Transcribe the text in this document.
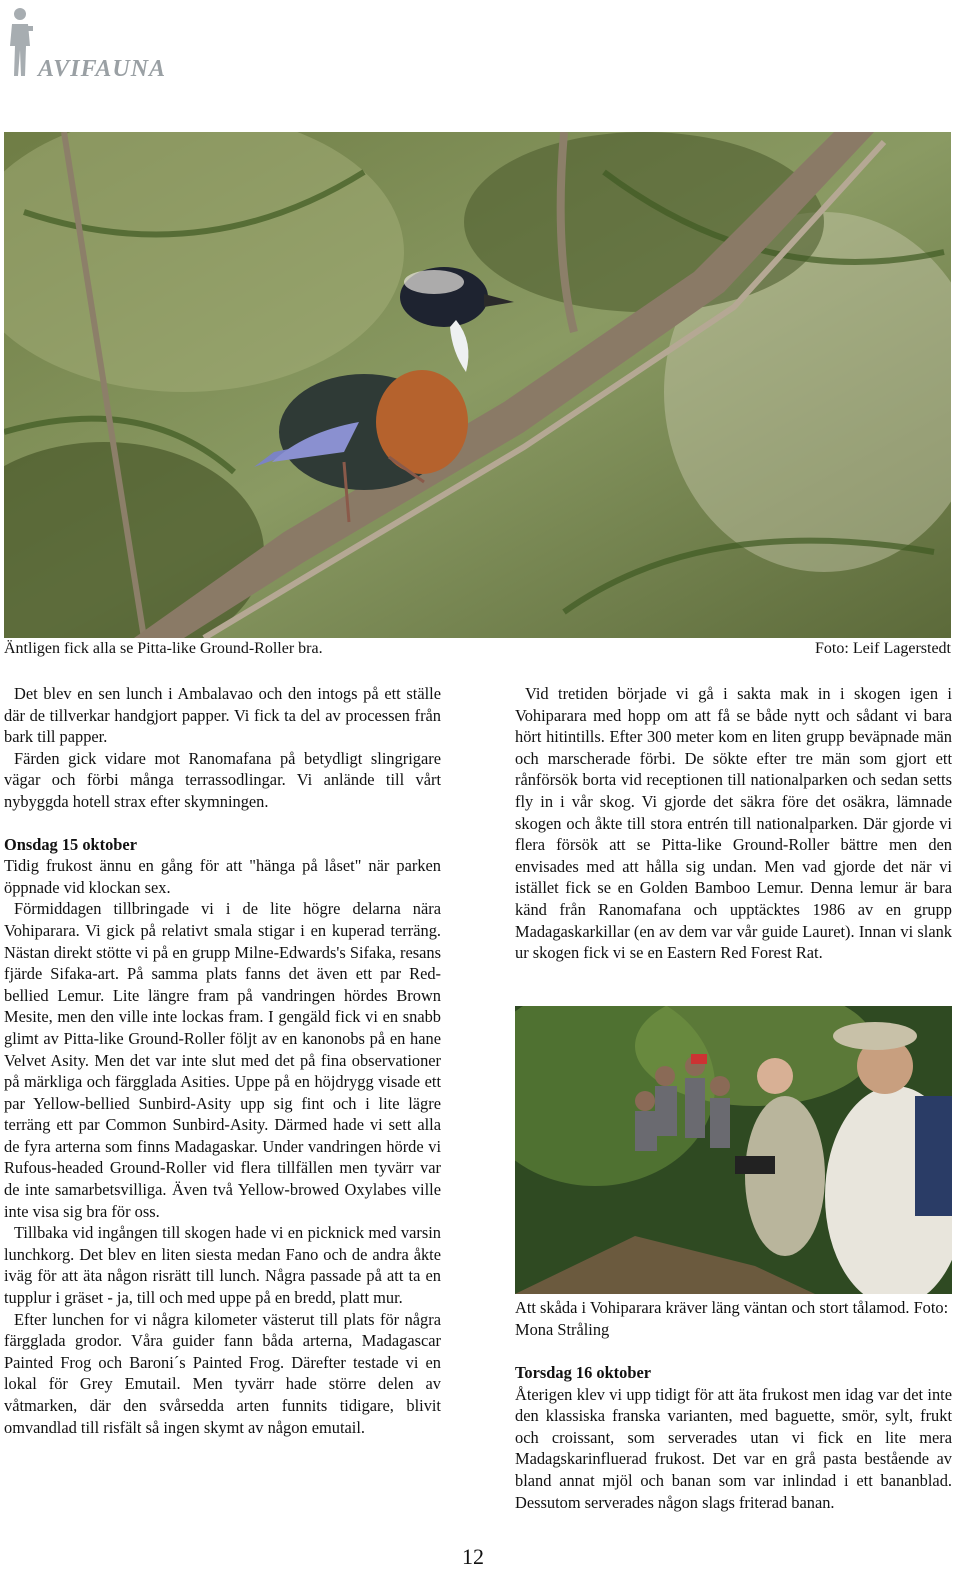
AVIFAUNA
Äntligen fick alla se Pitta-like Ground-Roller bra.	Foto: Leif Lagerstedt

Det blev en sen lunch i Ambalavao och den intogs på ett ställe där de tillverkar handgjort papper. Vi fick ta del av processen från bark till papper.

Färden gick vidare mot Ranomafana på betydligt slingrigare vägar och förbi många terrassodlingar. Vi anlände till vårt nybyggda hotell strax efter skymningen.

Onsdag 15 oktober

Tidig frukost ännu en gång för att "hänga på låset" när parken öppnade vid klockan sex.

Förmiddagen tillbringade vi i de lite högre delarna nära Vohiparara. Vi gick på relativt smala stigar i en kuperad terräng. Nästan direkt stötte vi på en grupp Milne-Edwards's Sifaka, resans fjärde Sifaka-art. På samma plats fanns det även ett par Red-bellied Lemur. Lite längre fram på vandringen hördes Brown Mesite, men den ville inte lockas fram. I gengäld fick vi en snabb glimt av Pitta-like Ground-Roller följt av en kanonobs på en hane Velvet Asity. Men det var inte slut med det på fina observationer på märkliga och färgglada Asities. Uppe på en höjdrygg visade ett par Yellow-bellied Sunbird-Asity upp sig fint och i lite lägre terräng ett par Common Sunbird-Asity. Därmed hade vi sett alla de fyra arterna som finns Madagaskar. Under vandringen hörde vi Rufous-headed Ground-Roller vid flera tillfällen men tyvärr var de inte samarbetsvilliga. Även två Yellow-browed Oxylabes ville inte visa sig bra för oss.

Tillbaka vid ingången till skogen hade vi en picknick med varsin lunchkorg. Det blev en liten siesta medan Fano och de andra åkte iväg för att äta någon risrätt till lunch. Några passade på att ta en tupplur i gräset - ja, till och med uppe på en bredd, platt mur.

Efter lunchen for vi några kilometer västerut till plats för några färgglada grodor. Våra guider fann båda arterna, Madagascar Painted Frog och Baroni´s Painted Frog. Därefter testade vi en lokal för Grey Emutail. Men tyvärr hade större delen av våtmarken, där den svårsedda arten funnits tidigare, blivit omvandlad till risfält så ingen skymt av någon emutail.

Vid tretiden började vi gå i sakta mak in i skogen igen i Vohiparara med hopp om att få se både nytt och sådant vi bara hört hitintills. Efter 300 meter kom en liten grupp beväpnade män och marscherade förbi. De sökte efter tre män som gjort ett rånförsök borta vid receptionen till nationalparken och sedan setts fly in i vår skog. Vi gjorde det säkra före det osäkra, lämnade skogen och åkte till stora entrén till nationalparken. Där gjorde vi flera försök att se Pitta-like Ground-Roller bättre men den envisades med att hålla sig undan. Men vad gjorde det när vi istället fick se en Golden Bamboo Lemur. Denna lemur är bara känd från Ranomafana och upptäcktes 1986 av en grupp Madagaskarkillar (en av dem var vår guide Lauret). Innan vi slank ur skogen fick vi se en Eastern Red Forest Rat.

Att skåda i Vohiparara kräver läng väntan och stort tålamod. Foto: Mona Stråling

Torsdag 16 oktober

Återigen klev vi upp tidigt för att äta frukost men idag var det inte den klassiska franska varianten, med baguette, smör, sylt, frukt och croissant, som serverades utan vi fick en lite mera Madagskarinfluerad frukost. Det var en grå pasta bestående av bland annat mjöl och banan som var inlindad i ett bananblad. Dessutom serverades någon slags friterad banan.

12
